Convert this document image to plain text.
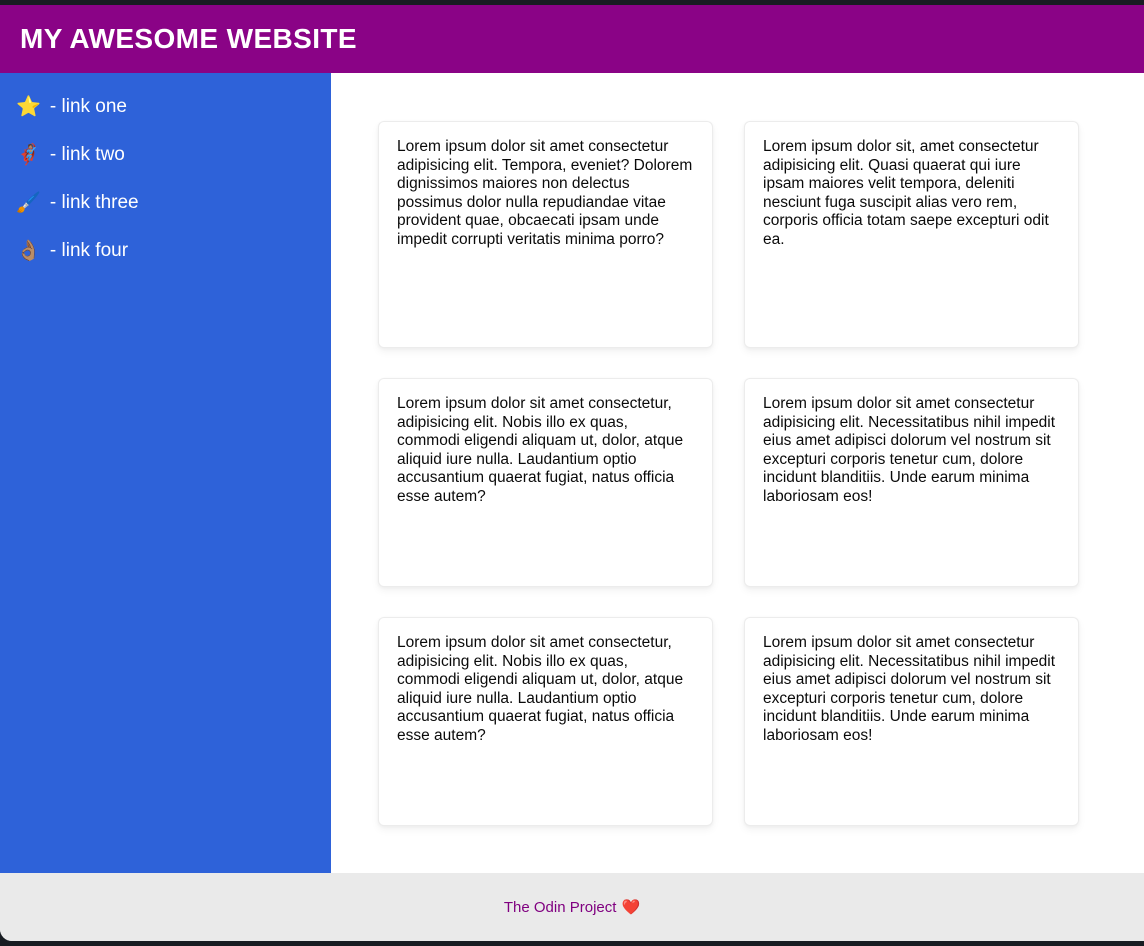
MY AWESOME WEBSITE
⭐ - link one
🦸🏽 - link two
🖌️ - link three
👌🏽 - link four

Lorem ipsum dolor sit amet consectetur adipisicing elit. Tempora, eveniet? Dolorem dignissimos maiores non delectus possimus dolor nulla repudiandae vitae provident quae, obcaecati ipsam unde impedit corrupti veritatis minima porro?

Lorem ipsum dolor sit, amet consectetur adipisicing elit. Quasi quaerat qui iure ipsam maiores velit tempora, deleniti nesciunt fuga suscipit alias vero rem, corporis officia totam saepe excepturi odit ea.

Lorem ipsum dolor sit amet consectetur, adipisicing elit. Nobis illo ex quas, commodi eligendi aliquam ut, dolor, atque aliquid iure nulla. Laudantium optio accusantium quaerat fugiat, natus officia esse autem?

Lorem ipsum dolor sit amet consectetur adipisicing elit. Necessitatibus nihil impedit eius amet adipisci dolorum vel nostrum sit excepturi corporis tenetur cum, dolore incidunt blanditiis. Unde earum minima laboriosam eos!

Lorem ipsum dolor sit amet consectetur, adipisicing elit. Nobis illo ex quas, commodi eligendi aliquam ut, dolor, atque aliquid iure nulla. Laudantium optio accusantium quaerat fugiat, natus officia esse autem?

Lorem ipsum dolor sit amet consectetur adipisicing elit. Necessitatibus nihil impedit eius amet adipisci dolorum vel nostrum sit excepturi corporis tenetur cum, dolore incidunt blanditiis. Unde earum minima laboriosam eos!

The Odin Project ❤️
